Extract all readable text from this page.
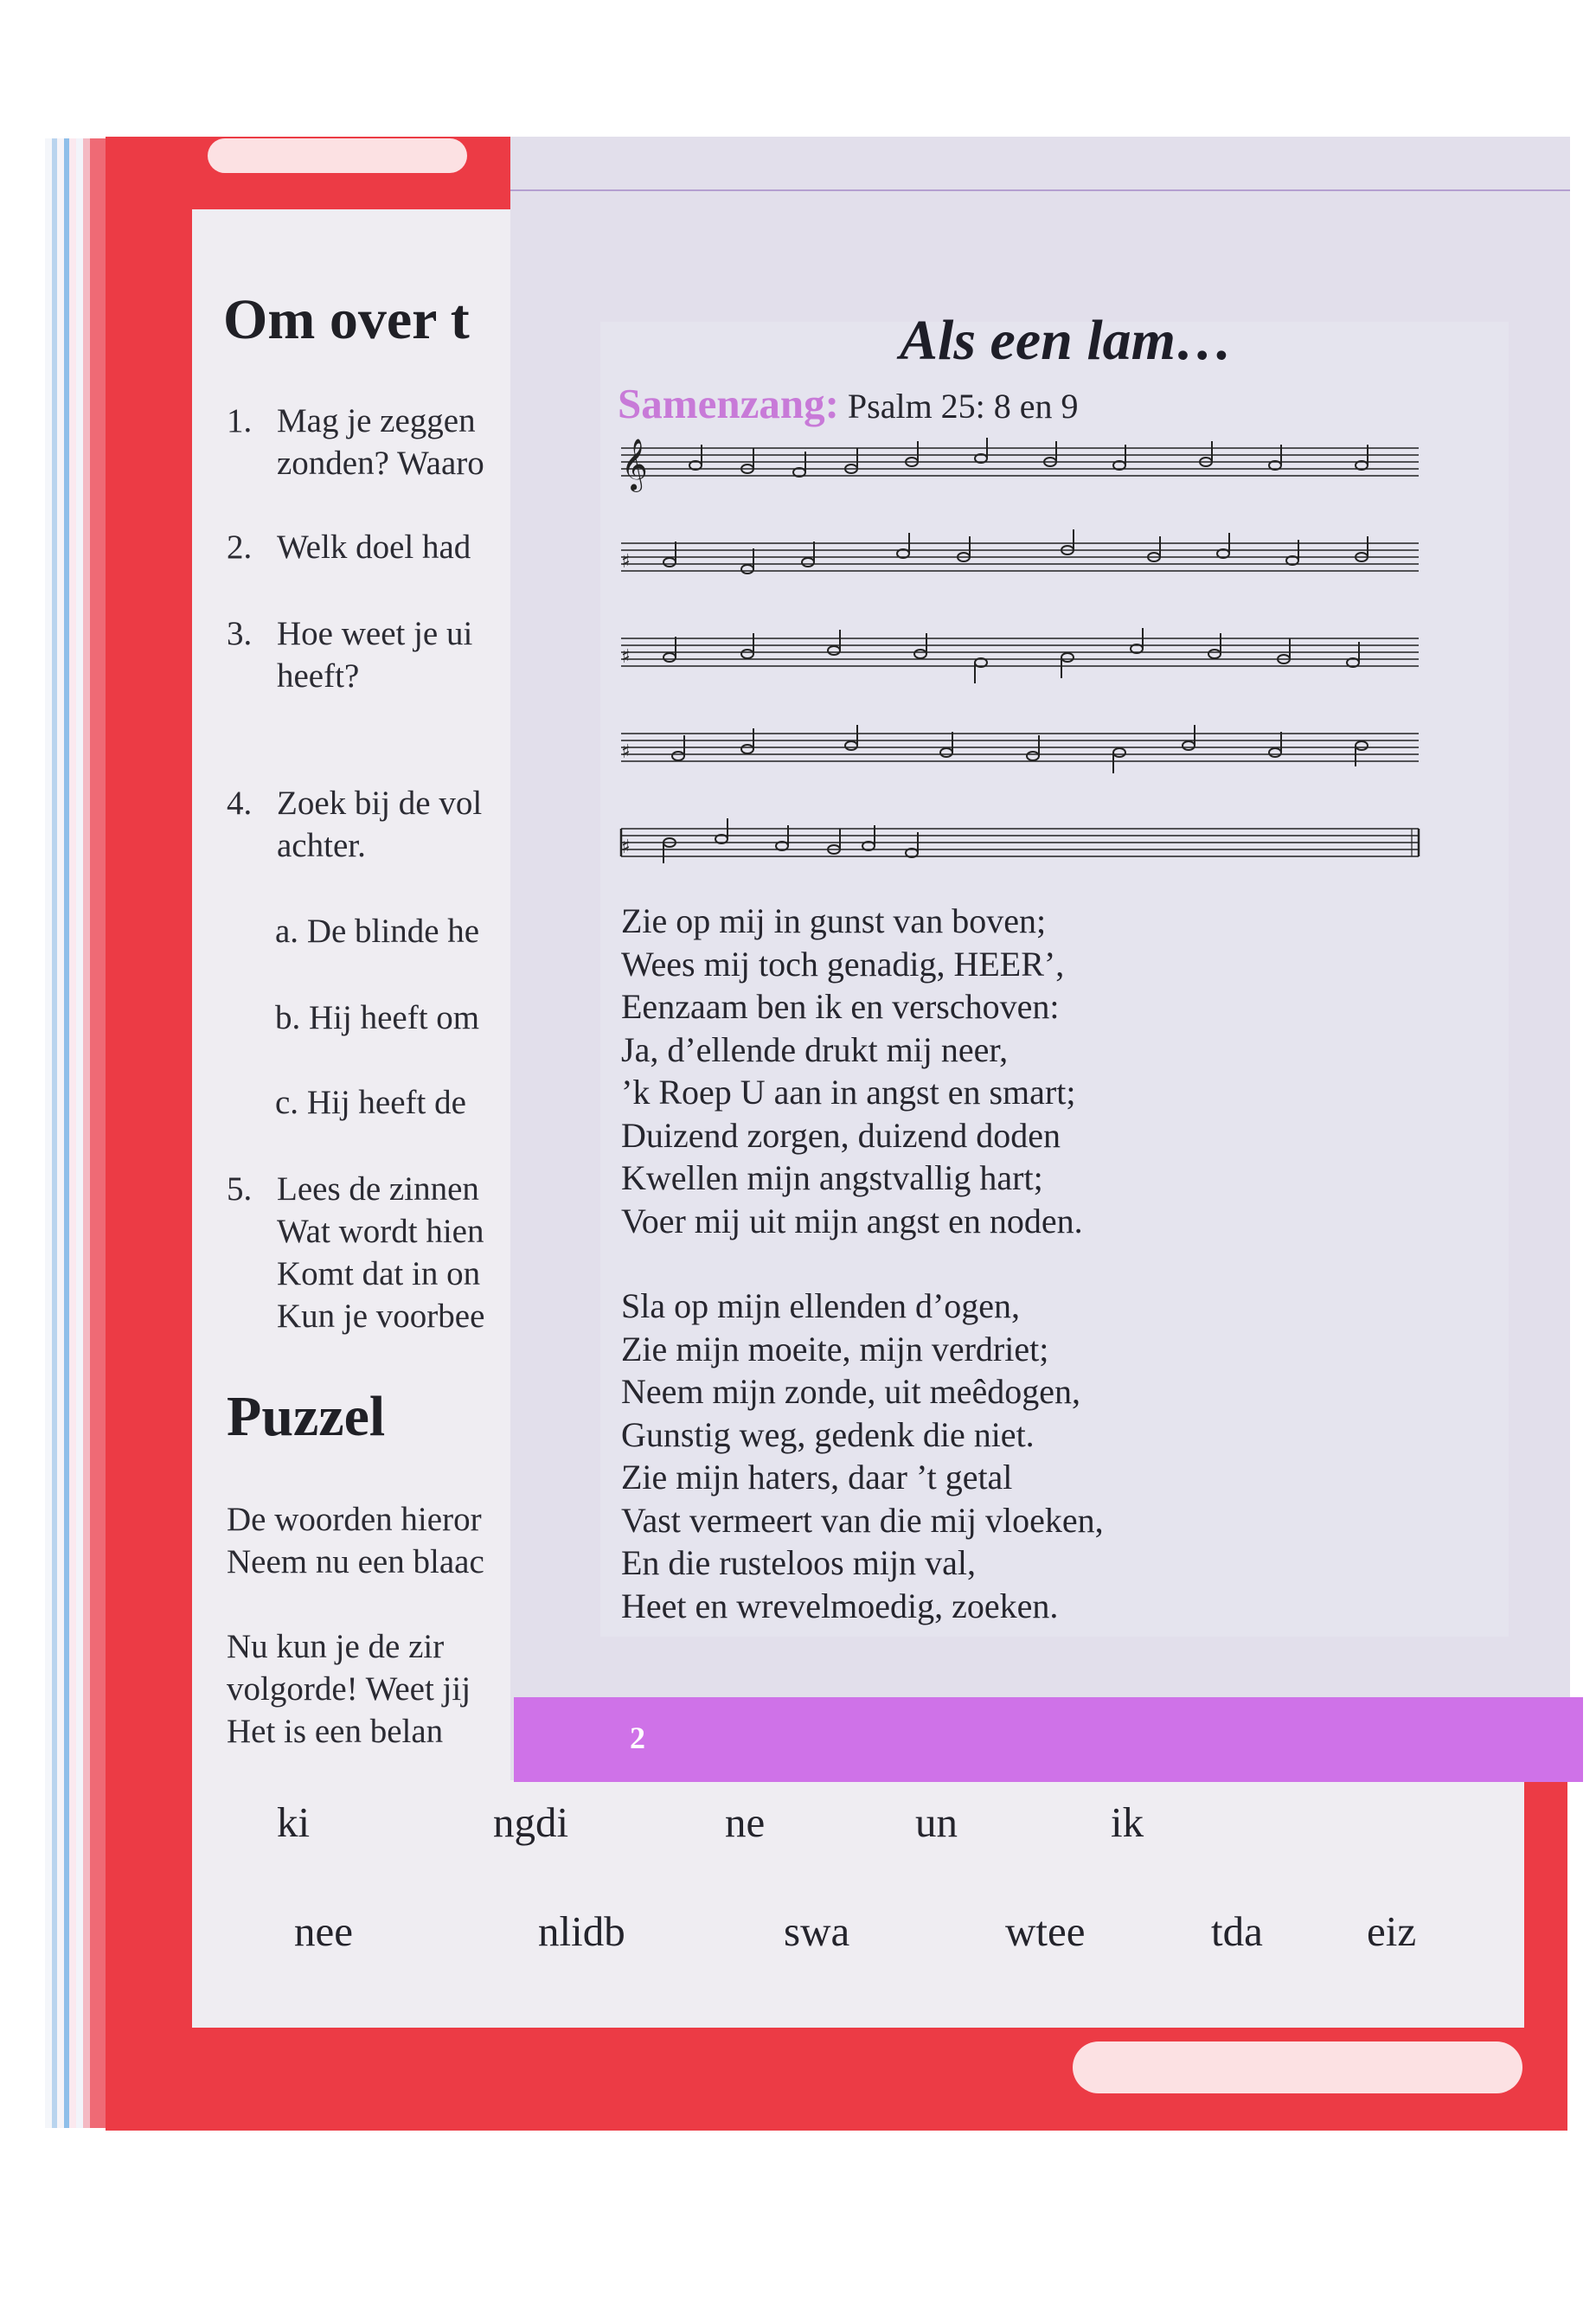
Om over t
1. Mag je zeggen
zonden? Waaro
2. Welk doel had
3. Hoe weet je ui
heeft?
4. Zoek bij de vol
achter.
a. De blinde he
b. Hij heeft om
c. Hij heeft de
5. Lees de zinnen
Wat wordt hien
Komt dat in on
Kun je voorbee
Puzzel
De woorden hieror
Neem nu een blaac
Nu kun je de zir
volgorde! Weet jij
Het is een belan
ki	ngdi	ne	un	ik
nee	nlidb	swa	wtee	tda eiz
Als een lam…
Samenzang: Psalm 25: 8 en 9
𝄞
♯
♯
♯
♯
Zie op mij in gunst van boven;
Wees mij toch genadig, HEER’,
Eenzaam ben ik en verschoven:
Ja, d’ellende drukt mij neer,
’k Roep U aan in angst en smart;
Duizend zorgen, duizend doden
Kwellen mijn angstvallig hart;
Voer mij uit mijn angst en noden.
Sla op mijn ellenden d’ogen,
Zie mijn moeite, mijn verdriet;
Neem mijn zonde, uit meêdogen,
Gunstig weg, gedenk die niet.
Zie mijn haters, daar ’t getal
Vast vermeert van die mij vloeken,
En die rusteloos mijn val,
Heet en wrevelmoedig, zoeken.
2
